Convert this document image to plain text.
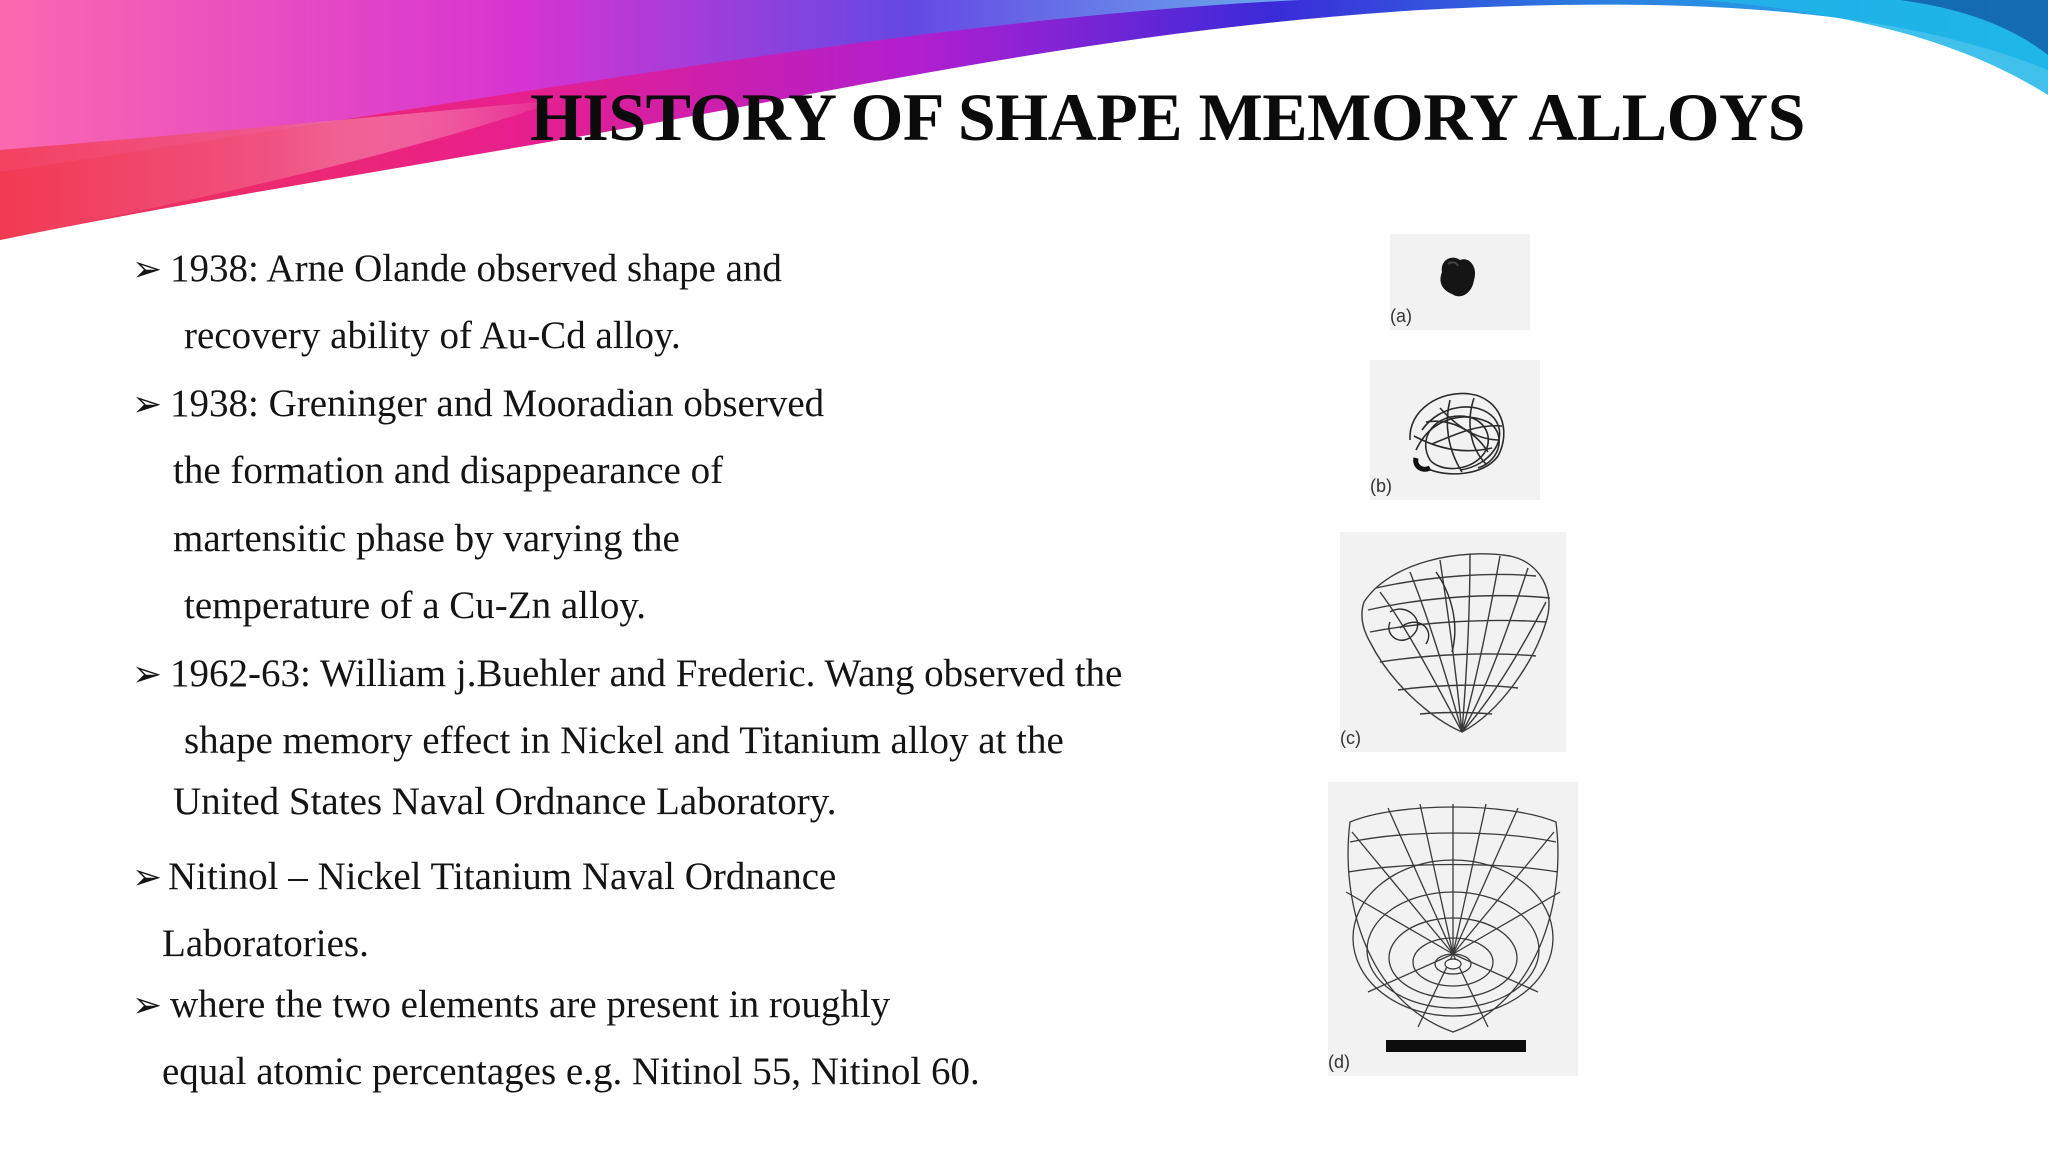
HISTORY OF SHAPE MEMORY ALLOYS
➢ 1938: Arne Olande observed shape and
recovery ability of Au-Cd alloy.
➢ 1938: Greninger and Mooradian observed
the formation and disappearance of
martensitic phase by varying the
temperature of a Cu-Zn alloy.
➢ 1962-63: William j.Buehler and Frederic. Wang observed the
shape memory effect in Nickel and Titanium alloy at the
United States Naval Ordnance Laboratory.
➢ Nitinol – Nickel Titanium Naval Ordnance
Laboratories.
➢ where the two elements are present in roughly
equal atomic percentages e.g. Nitinol 55, Nitinol 60.
(a)
(b)
(c)
(d)
